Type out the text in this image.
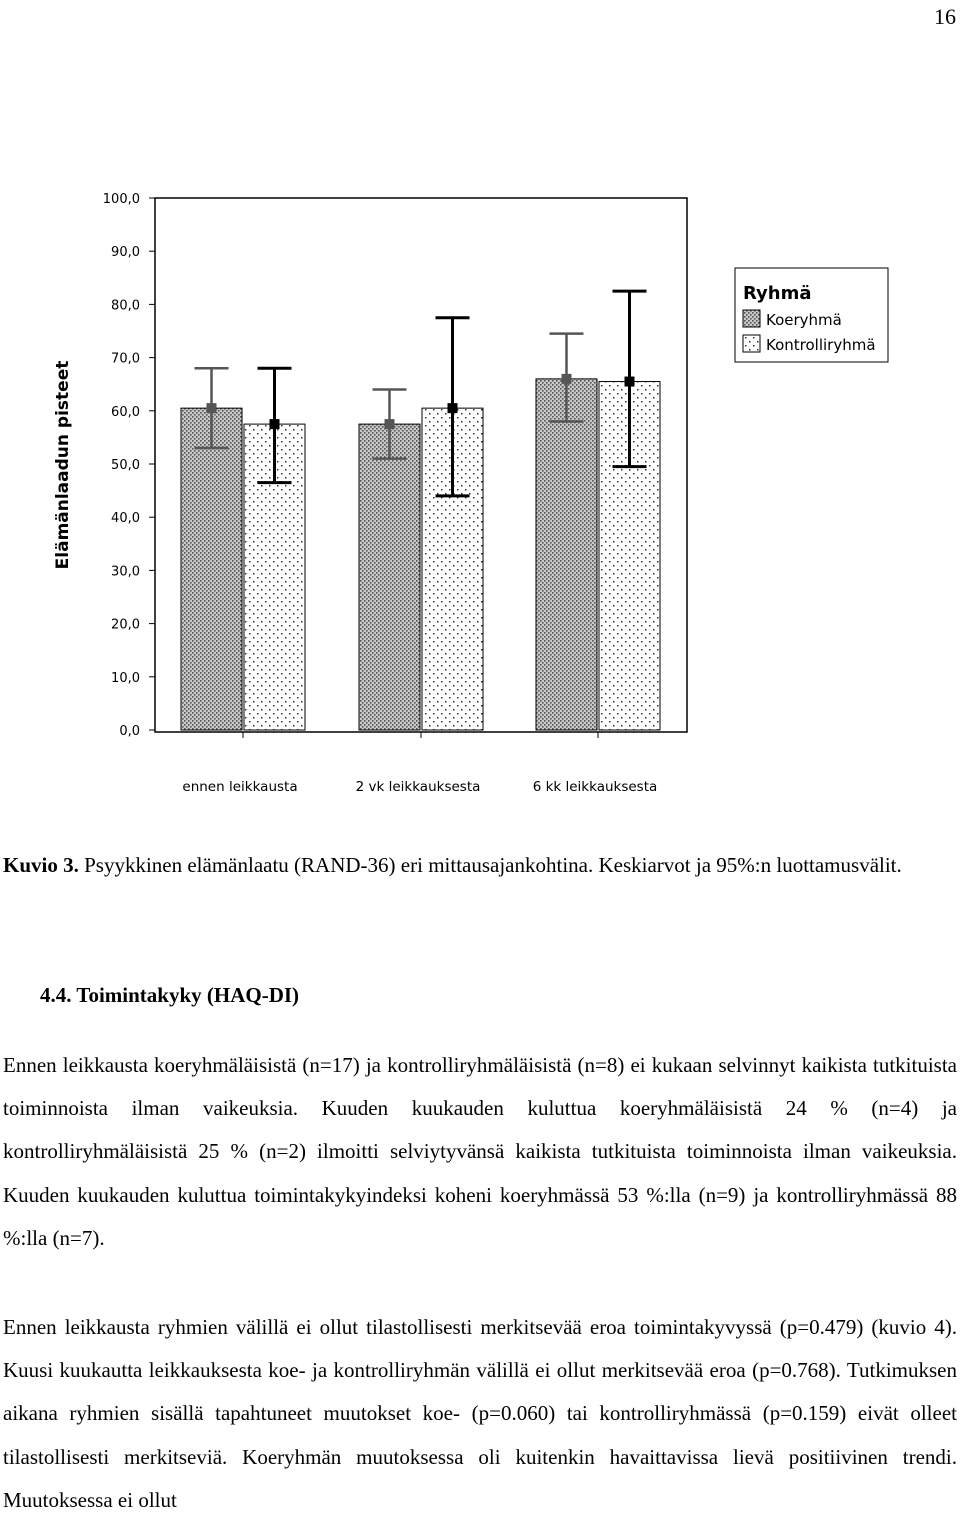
16
0,0
10,0
20,0
30,0
40,0
50,0
60,0
70,0
80,0
90,0
100,0
ennen leikkausta	2 vk leikkauksesta	6 kk leikkauksesta
Elämänlaadun pisteet
Ryhmä
Koeryhmä
Kontrolliryhmä

Kuvio 3. Psyykkinen elämänlaatu (RAND-36) eri mittausajankohtina. Keskiarvot ja 95%:n luottamusvälit.

4.4. Toimintakyky (HAQ-DI)

Ennen leikkausta koeryhmäläisistä (n=17) ja kontrolliryhmäläisistä (n=8) ei kukaan selvinnyt kaikista tutkituista toiminnoista ilman vaikeuksia. Kuuden kuukauden kuluttua koeryhmäläisistä 24 % (n=4) ja kontrolliryhmäläisistä 25 % (n=2) ilmoitti selviytyvänsä kaikista tutkituista toiminnoista ilman vaikeuksia. Kuuden kuukauden kuluttua toimintakykyindeksi koheni koeryhmässä 53 %:lla (n=9) ja kontrolliryhmässä 88 %:lla (n=7).

Ennen leikkausta ryhmien välillä ei ollut tilastollisesti merkitsevää eroa toimintakyvyssä (p=0.479) (kuvio 4). Kuusi kuukautta leikkauksesta koe- ja kontrolliryhmän välillä ei ollut merkitsevää eroa (p=0.768). Tutkimuksen aikana ryhmien sisällä tapahtuneet muutokset koe- (p=0.060) tai kontrolliryhmässä (p=0.159) eivät olleet tilastollisesti merkitseviä. Koeryhmän muutoksessa oli kuitenkin havaittavissa lievä positiivinen trendi. Muutoksessa ei ollut
